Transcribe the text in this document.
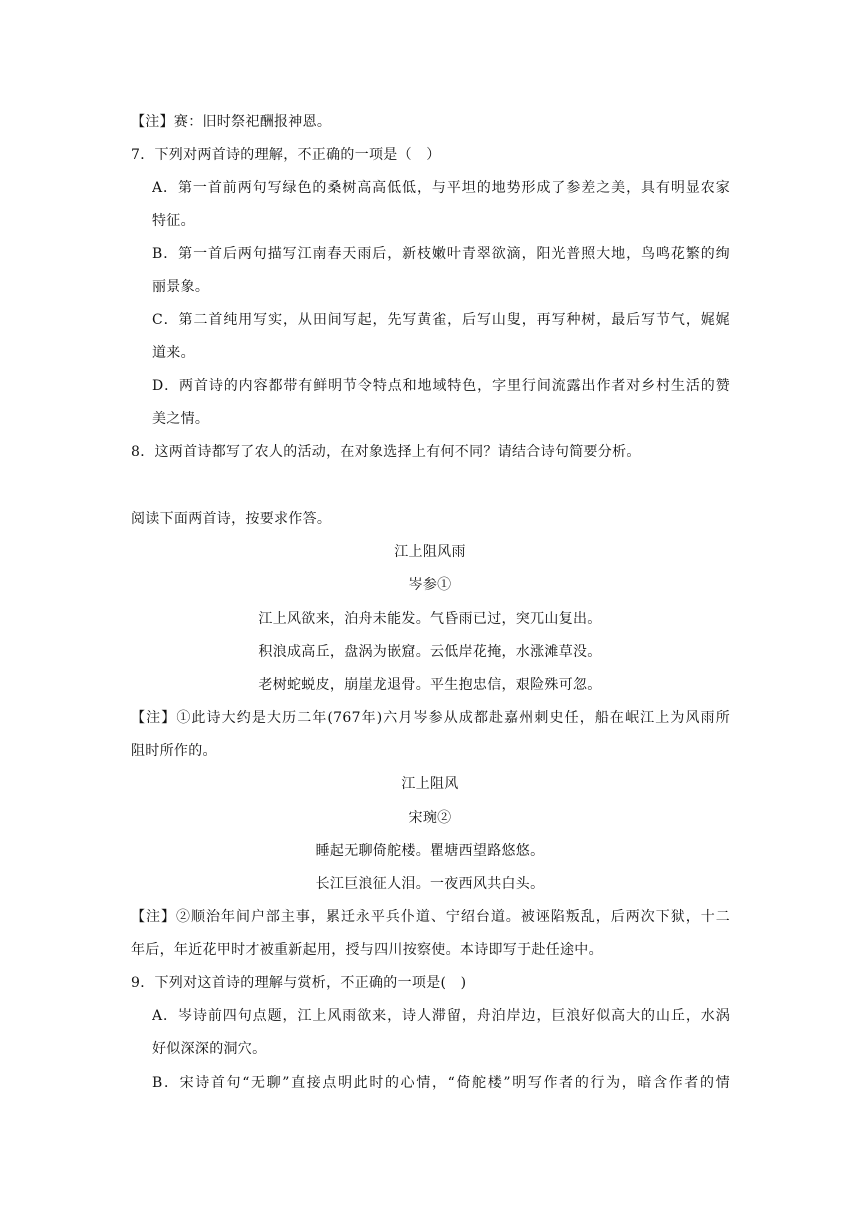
【注】赛：旧时祭祀酬报神恩。
7．下列对两首诗的理解，不正确的一项是（　）
A．第一首前两句写绿色的桑树高高低低，与平坦的地势形成了参差之美，具有明显农家
特征。
B．第一首后两句描写江南春天雨后，新枝嫩叶青翠欲滴，阳光普照大地，鸟鸣花繁的绚
丽景象。
C．第二首纯用写实，从田间写起，先写黄雀，后写山叟，再写种树，最后写节气，娓娓
道来。
D．两首诗的内容都带有鲜明节令特点和地域特色，字里行间流露出作者对乡村生活的赞
美之情。
8．这两首诗都写了农人的活动，在对象选择上有何不同？请结合诗句简要分析。
阅读下面两首诗，按要求作答。
江上阻风雨
岑参①
江上风欲来，泊舟未能发。气昏雨已过，突兀山复出。
积浪成高丘，盘涡为嵌窟。云低岸花掩，水涨滩草没。
老树蛇蜕皮，崩崖龙退骨。平生抱忠信，艰险殊可忽。
【注】①此诗大约是大历二年(767年)六月岑参从成都赴嘉州刺史任，船在岷江上为风雨所
阻时所作的。
江上阻风
宋琬②
睡起无聊倚舵楼。瞿塘西望路悠悠。
长江巨浪征人泪。一夜西风共白头。
【注】②顺治年间户部主事，累迁永平兵仆道、宁绍台道。被诬陷叛乱，后两次下狱，十二
年后，年近花甲时才被重新起用，授与四川按察使。本诗即写于赴任途中。
9．下列对这首诗的理解与赏析，不正确的一项是(　)
A．岑诗前四句点题，江上风雨欲来，诗人滞留，舟泊岸边，巨浪好似高大的山丘，水涡
好似深深的洞穴。
B．宋诗首句“无聊”直接点明此时的心情，“倚舵楼”明写作者的行为，暗含作者的情
